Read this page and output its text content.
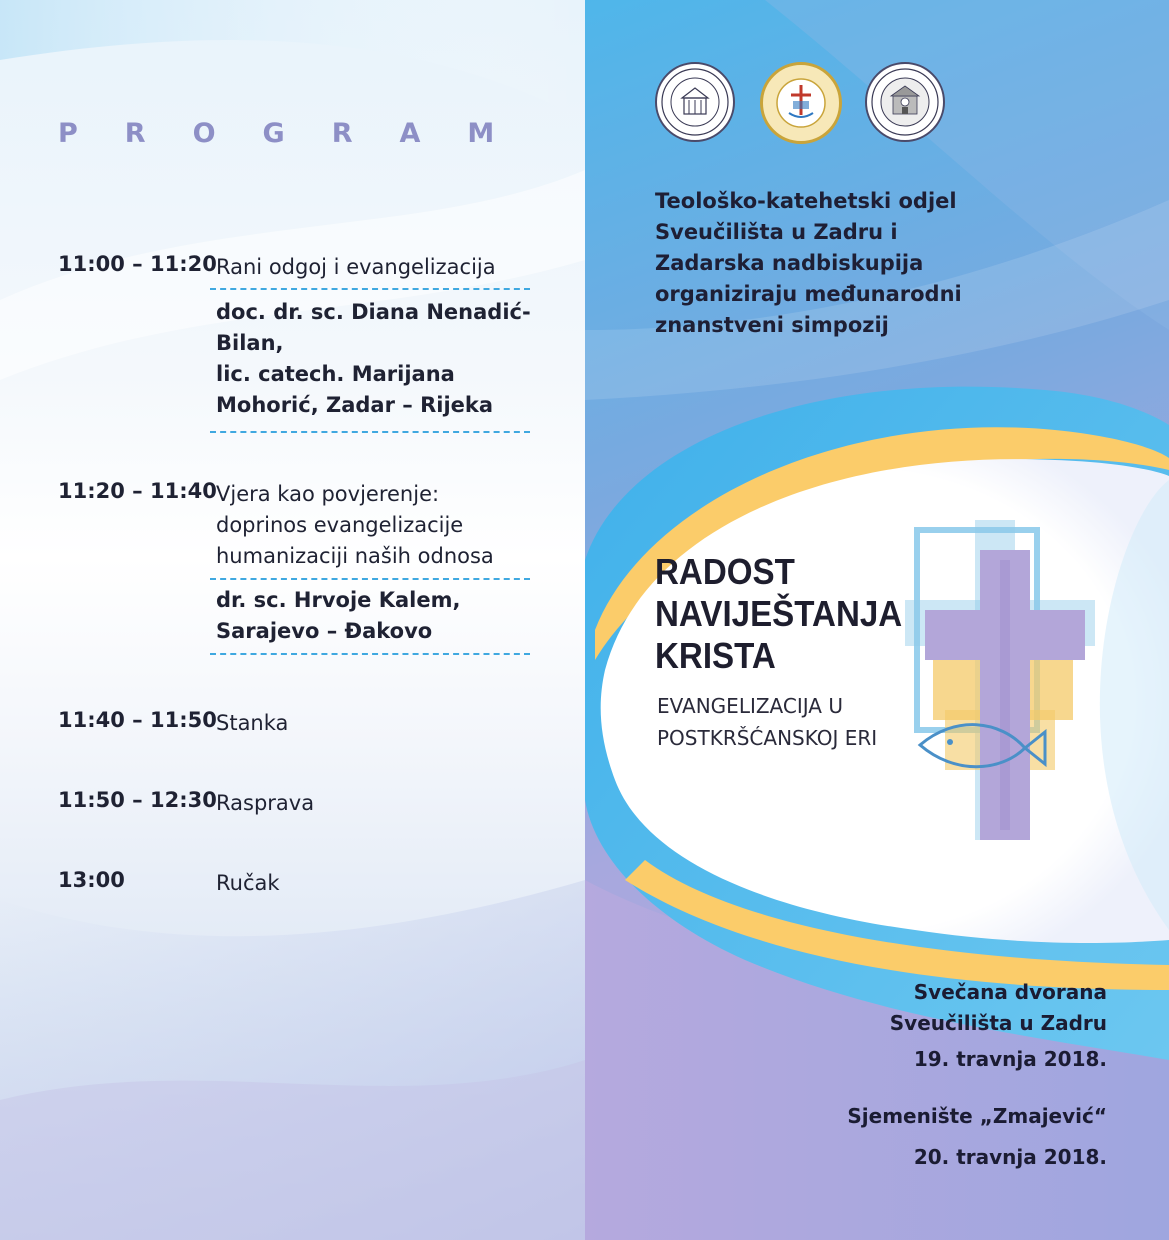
PROGRAM
11:00 – 11:20 Rani odgoj i evangelizacija
doc. dr. sc. Diana Nenadić-
Bilan,
lic. catech. Marijana
Mohorić, Zadar – Rijeka
11:20 – 11:40 Vjera kao povjerenje:
doprinos evangelizacije
humanizaciji naših odnosa
dr. sc. Hrvoje Kalem,
Sarajevo – Đakovo
11:40 – 11:50 Stanka
11:50 – 12:30 Rasprava
13:00	Ručak
Teološko-katehetski odjel
Sveučilišta u Zadru i
Zadarska nadbiskupija
organiziraju međunarodni
znanstveni simpozij
RADOST
NAVIJEŠTANJA
KRISTA
EVANGELIZACIJA U
POSTKRŠĆANSKOJ ERI
Svečana dvorana
Sveučilišta u Zadru
19. travnja 2018.
Sjemenište „Zmajević“
20. travnja 2018.
